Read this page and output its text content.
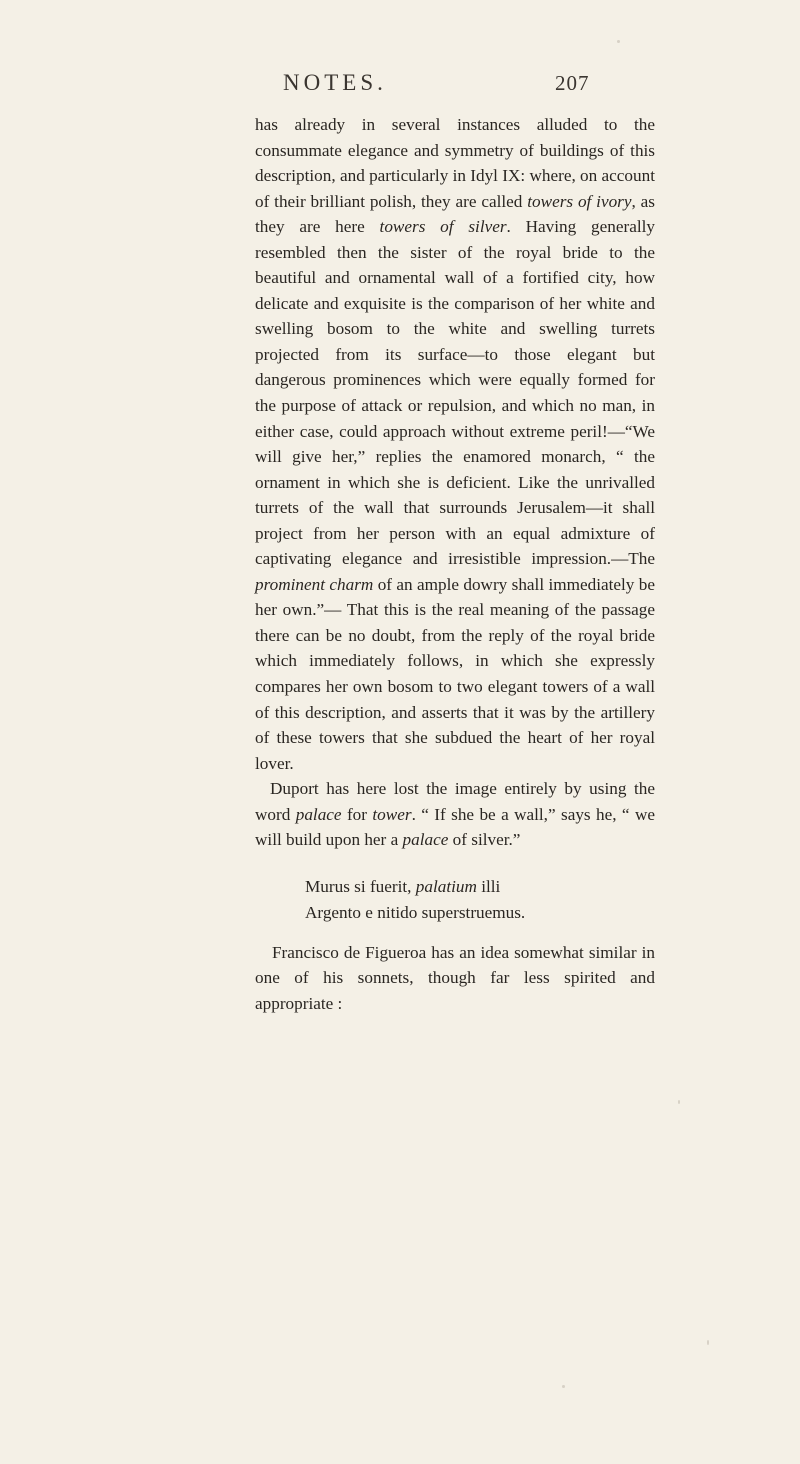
NOTES.	207

has already in several instances alluded to the consummate elegance and symmetry of buildings of this description, and particularly in Idyl IX: where, on account of their brilliant polish, they are called towers of ivory, as they are here towers of silver. Having generally resembled then the sister of the royal bride to the beautiful and ornamental wall of a fortified city, how delicate and exquisite is the comparison of her white and swelling bosom to the white and swelling turrets projected from its surface—to those elegant but dangerous prominences which were equally formed for the purpose of attack or repulsion, and which no man, in either case, could approach without extreme peril!—“We will give her,” replies the enamored monarch, “ the ornament in which she is deficient. Like the unrivalled turrets of the wall that surrounds Jerusalem—it shall project from her person with an equal admixture of captivating elegance and irresistible impression.—The prominent charm of an ample dowry shall immediately be her own.”— That this is the real meaning of the passage there can be no doubt, from the reply of the royal bride which immediately follows, in which she expressly compares her own bosom to two elegant towers of a wall of this description, and asserts that it was by the artillery of these towers that she subdued the heart of her royal lover.

Duport has here lost the image entirely by using the word palace for tower. “ If she be a wall,” says he, “ we will build upon her a palace of silver.”

Murus si fuerit, palatium illi
Argento e nitido superstruemus.

Francisco de Figueroa has an idea somewhat similar in one of his sonnets, though far less spirited and appropriate :
